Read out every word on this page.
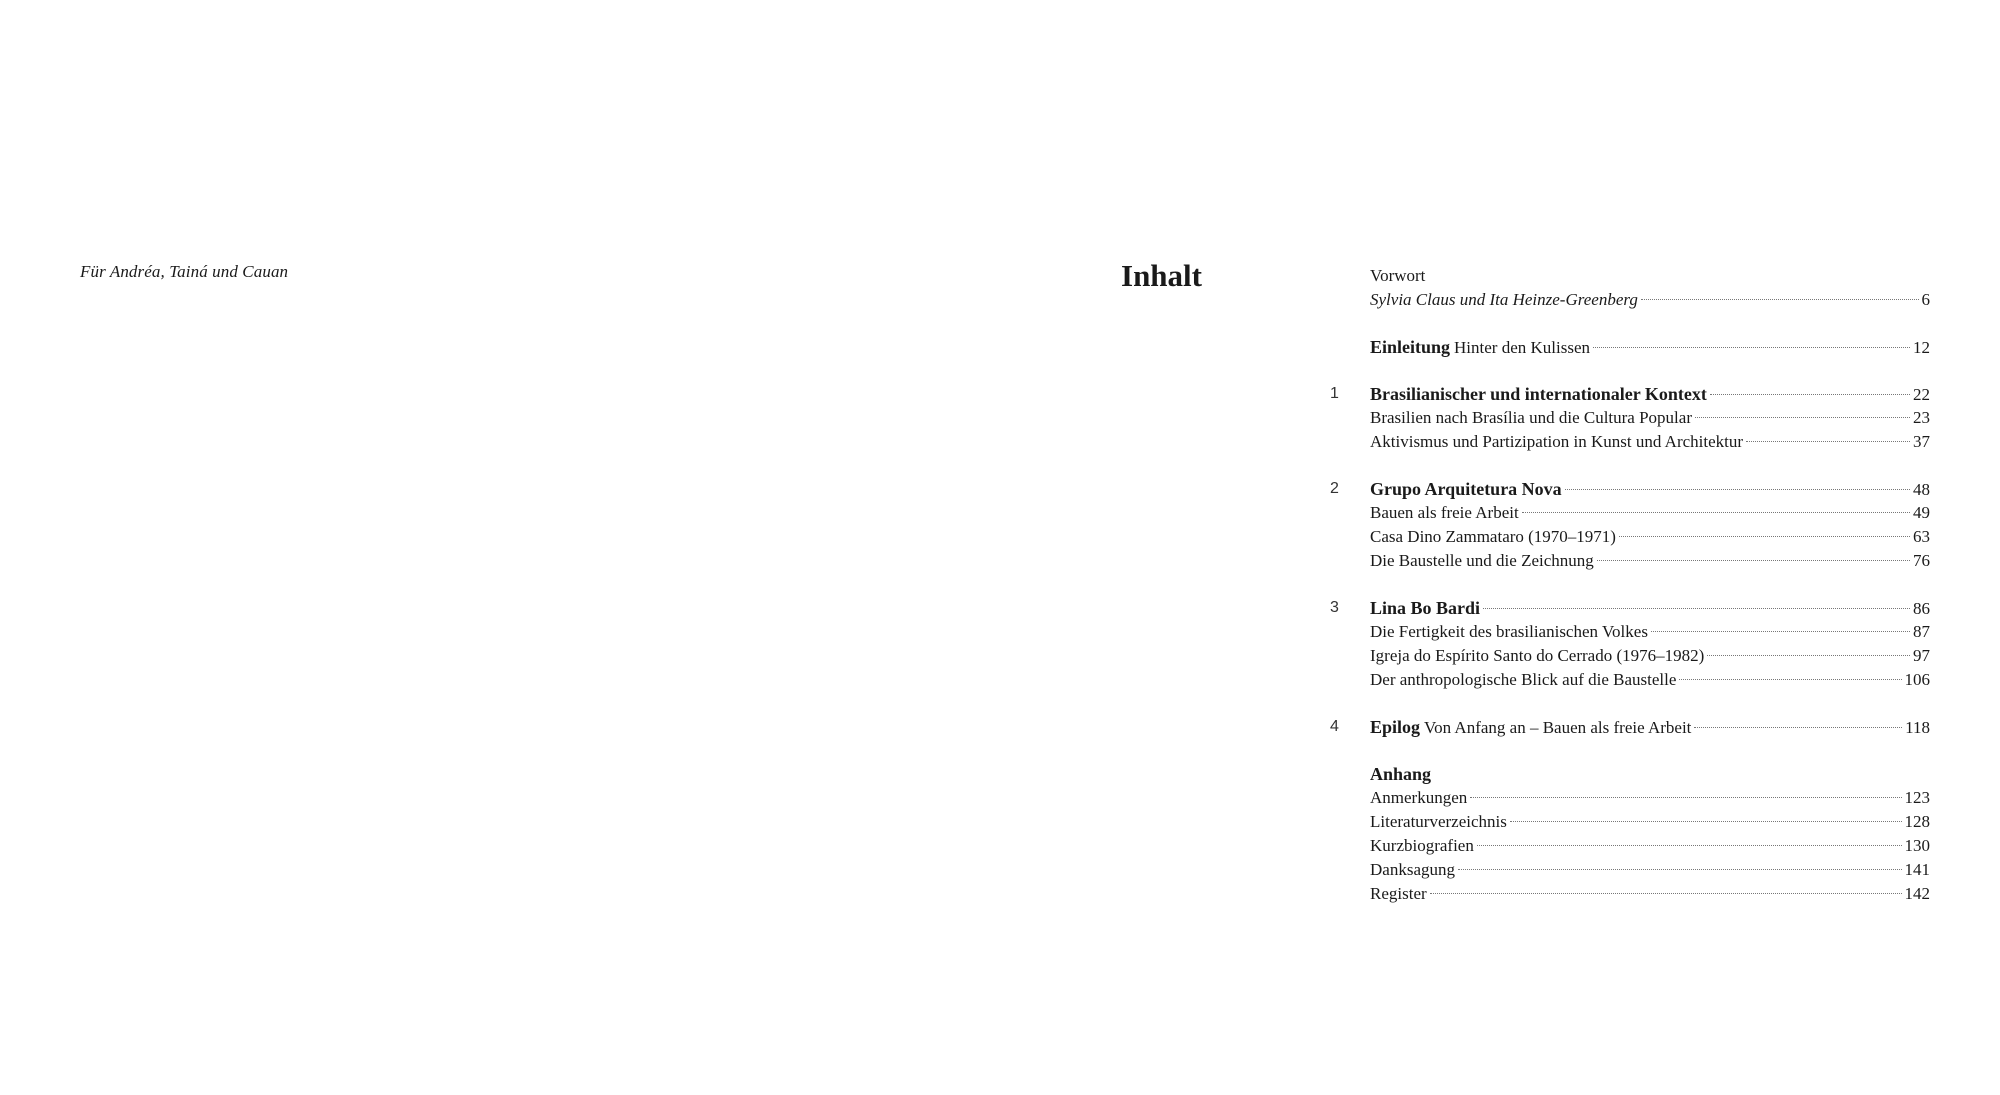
Für Andréa, Tainá und Cauan	Inhalt	Vorwort
Sylvia Claus und Ita Heinze-Greenberg	6
Einleitung Hinter den Kulissen	12
1	Brasilianischer und internationaler Kontext	22
Brasilien nach Brasília und die Cultura Popular	23
Aktivismus und Partizipation in Kunst und Architektur	37
2	Grupo Arquitetura Nova	48
Bauen als freie Arbeit	49
Casa Dino Zammataro (1970–1971)	63
Die Baustelle und die Zeichnung	76
3	Lina Bo Bardi	86
Die Fertigkeit des brasilianischen Volkes	87
Igreja do Espírito Santo do Cerrado (1976–1982)	97
Der anthropologische Blick auf die Baustelle	106
4	Epilog Von Anfang an – Bauen als freie Arbeit	118
Anhang
Anmerkungen	123
Literaturverzeichnis	128
Kurzbiografien	130
Danksagung	141
Register	142
